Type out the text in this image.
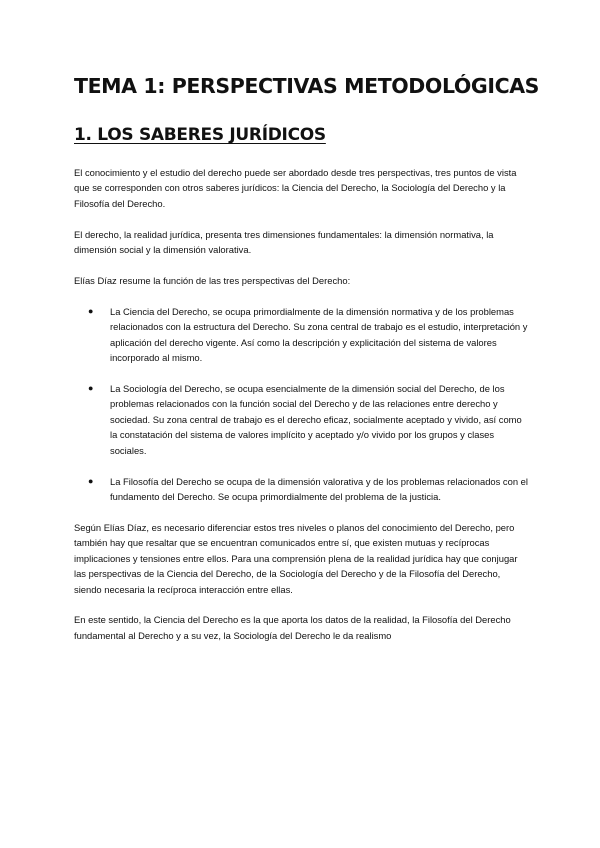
TEMA 1: PERSPECTIVAS METODOLÓGICAS
1. LOS SABERES JURÍDICOS

El conocimiento y el estudio del derecho puede ser abordado desde tres perspectivas, tres puntos de vista que se corresponden con otros saberes jurídicos: la Ciencia del Derecho, la Sociología del Derecho y la Filosofía del Derecho.

El derecho, la realidad jurídica, presenta tres dimensiones fundamentales: la dimensión normativa, la dimensión social y la dimensión valorativa.

Elías Díaz resume la función de las tres perspectivas del Derecho:

● La Ciencia del Derecho, se ocupa primordialmente de la dimensión normativa y de los problemas relacionados con la estructura del Derecho. Su zona central de trabajo es el estudio, interpretación y aplicación del derecho vigente. Así como la descripción y explicitación del sistema de valores incorporado al mismo.
● La Sociología del Derecho, se ocupa esencialmente de la dimensión social del Derecho, de los problemas relacionados con la función social del Derecho y de las relaciones entre derecho y sociedad. Su zona central de trabajo es el derecho eficaz, socialmente aceptado y vivido, así como la constatación del sistema de valores implícito y aceptado y/o vivido por los grupos y clases sociales.
● La Filosofía del Derecho se ocupa de la dimensión valorativa y de los problemas relacionados con el fundamento del Derecho. Se ocupa primordialmente del problema de la justicia.

Según Elías Díaz, es necesario diferenciar estos tres niveles o planos del conocimiento del Derecho, pero también hay que resaltar que se encuentran comunicados entre sí, que existen mutuas y recíprocas implicaciones y tensiones entre ellos. Para una comprensión plena de la realidad jurídica hay que conjugar las perspectivas de la Ciencia del Derecho, de la Sociología del Derecho y de la Filosofía del Derecho, siendo necesaria la recíproca interacción entre ellas.

En este sentido, la Ciencia del Derecho es la que aporta los datos de la realidad, la Filosofía del Derecho fundamental al Derecho y a su vez, la Sociología del Derecho le da realismo
